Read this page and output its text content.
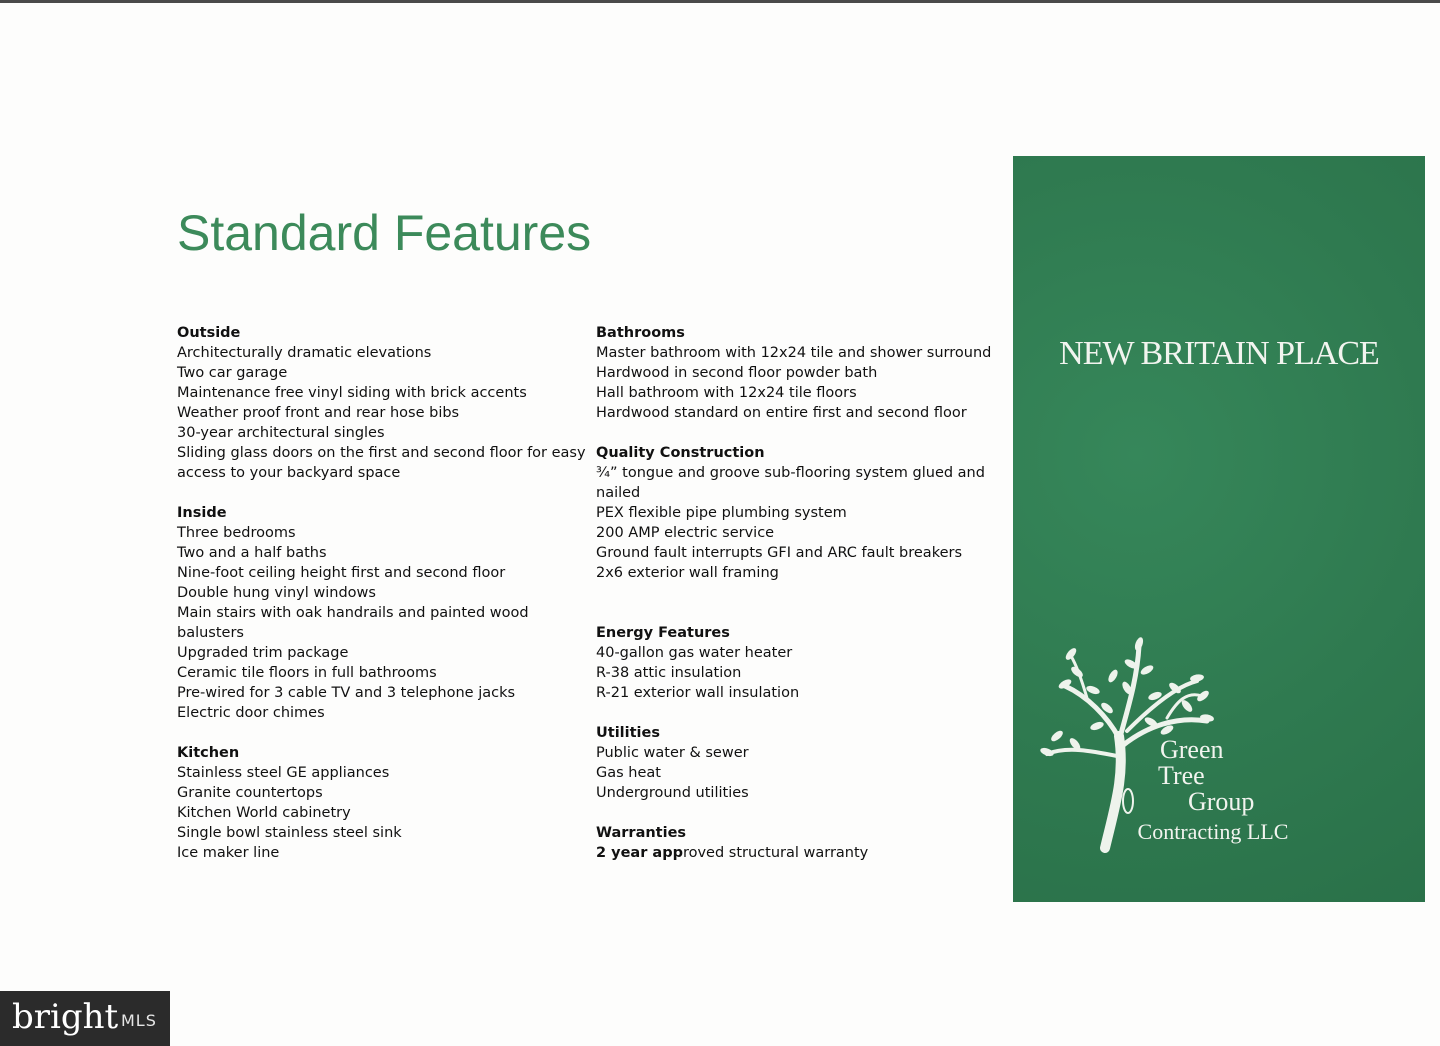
Standard Features
Outside
Architecturally dramatic elevations
Two car garage
Maintenance free vinyl siding with brick accents
Weather proof front and rear hose bibs
30-year architectural singles
Sliding glass doors on the first and second floor for easy access to your backyard space
Inside
Three bedrooms
Two and a half baths
Nine-foot ceiling height first and second floor
Double hung vinyl windows
Main stairs with oak handrails and painted wood balusters
Upgraded trim package
Ceramic tile floors in full bathrooms
Pre-wired for 3 cable TV and 3 telephone jacks
Electric door chimes
Kitchen
Stainless steel GE appliances
Granite countertops
Kitchen World cabinetry
Single bowl stainless steel sink
Ice maker line
Bathrooms
Master bathroom with 12x24 tile and shower surround
Hardwood in second floor powder bath
Hall bathroom with 12x24 tile floors
Hardwood standard on entire first and second floor
Quality Construction
¾” tongue and groove sub-flooring system glued and nailed
PEX flexible pipe plumbing system
200 AMP electric service
Ground fault interrupts GFI and ARC fault breakers
2x6 exterior wall framing
Energy Features
40-gallon gas water heater
R-38 attic insulation
R-21 exterior wall insulation
Utilities
Public water & sewer
Gas heat
Underground utilities
Warranties
2 year approved structural warranty
NEW BRITAIN PLACE
Green
Tree
Group
Contracting LLC
bright MLS
